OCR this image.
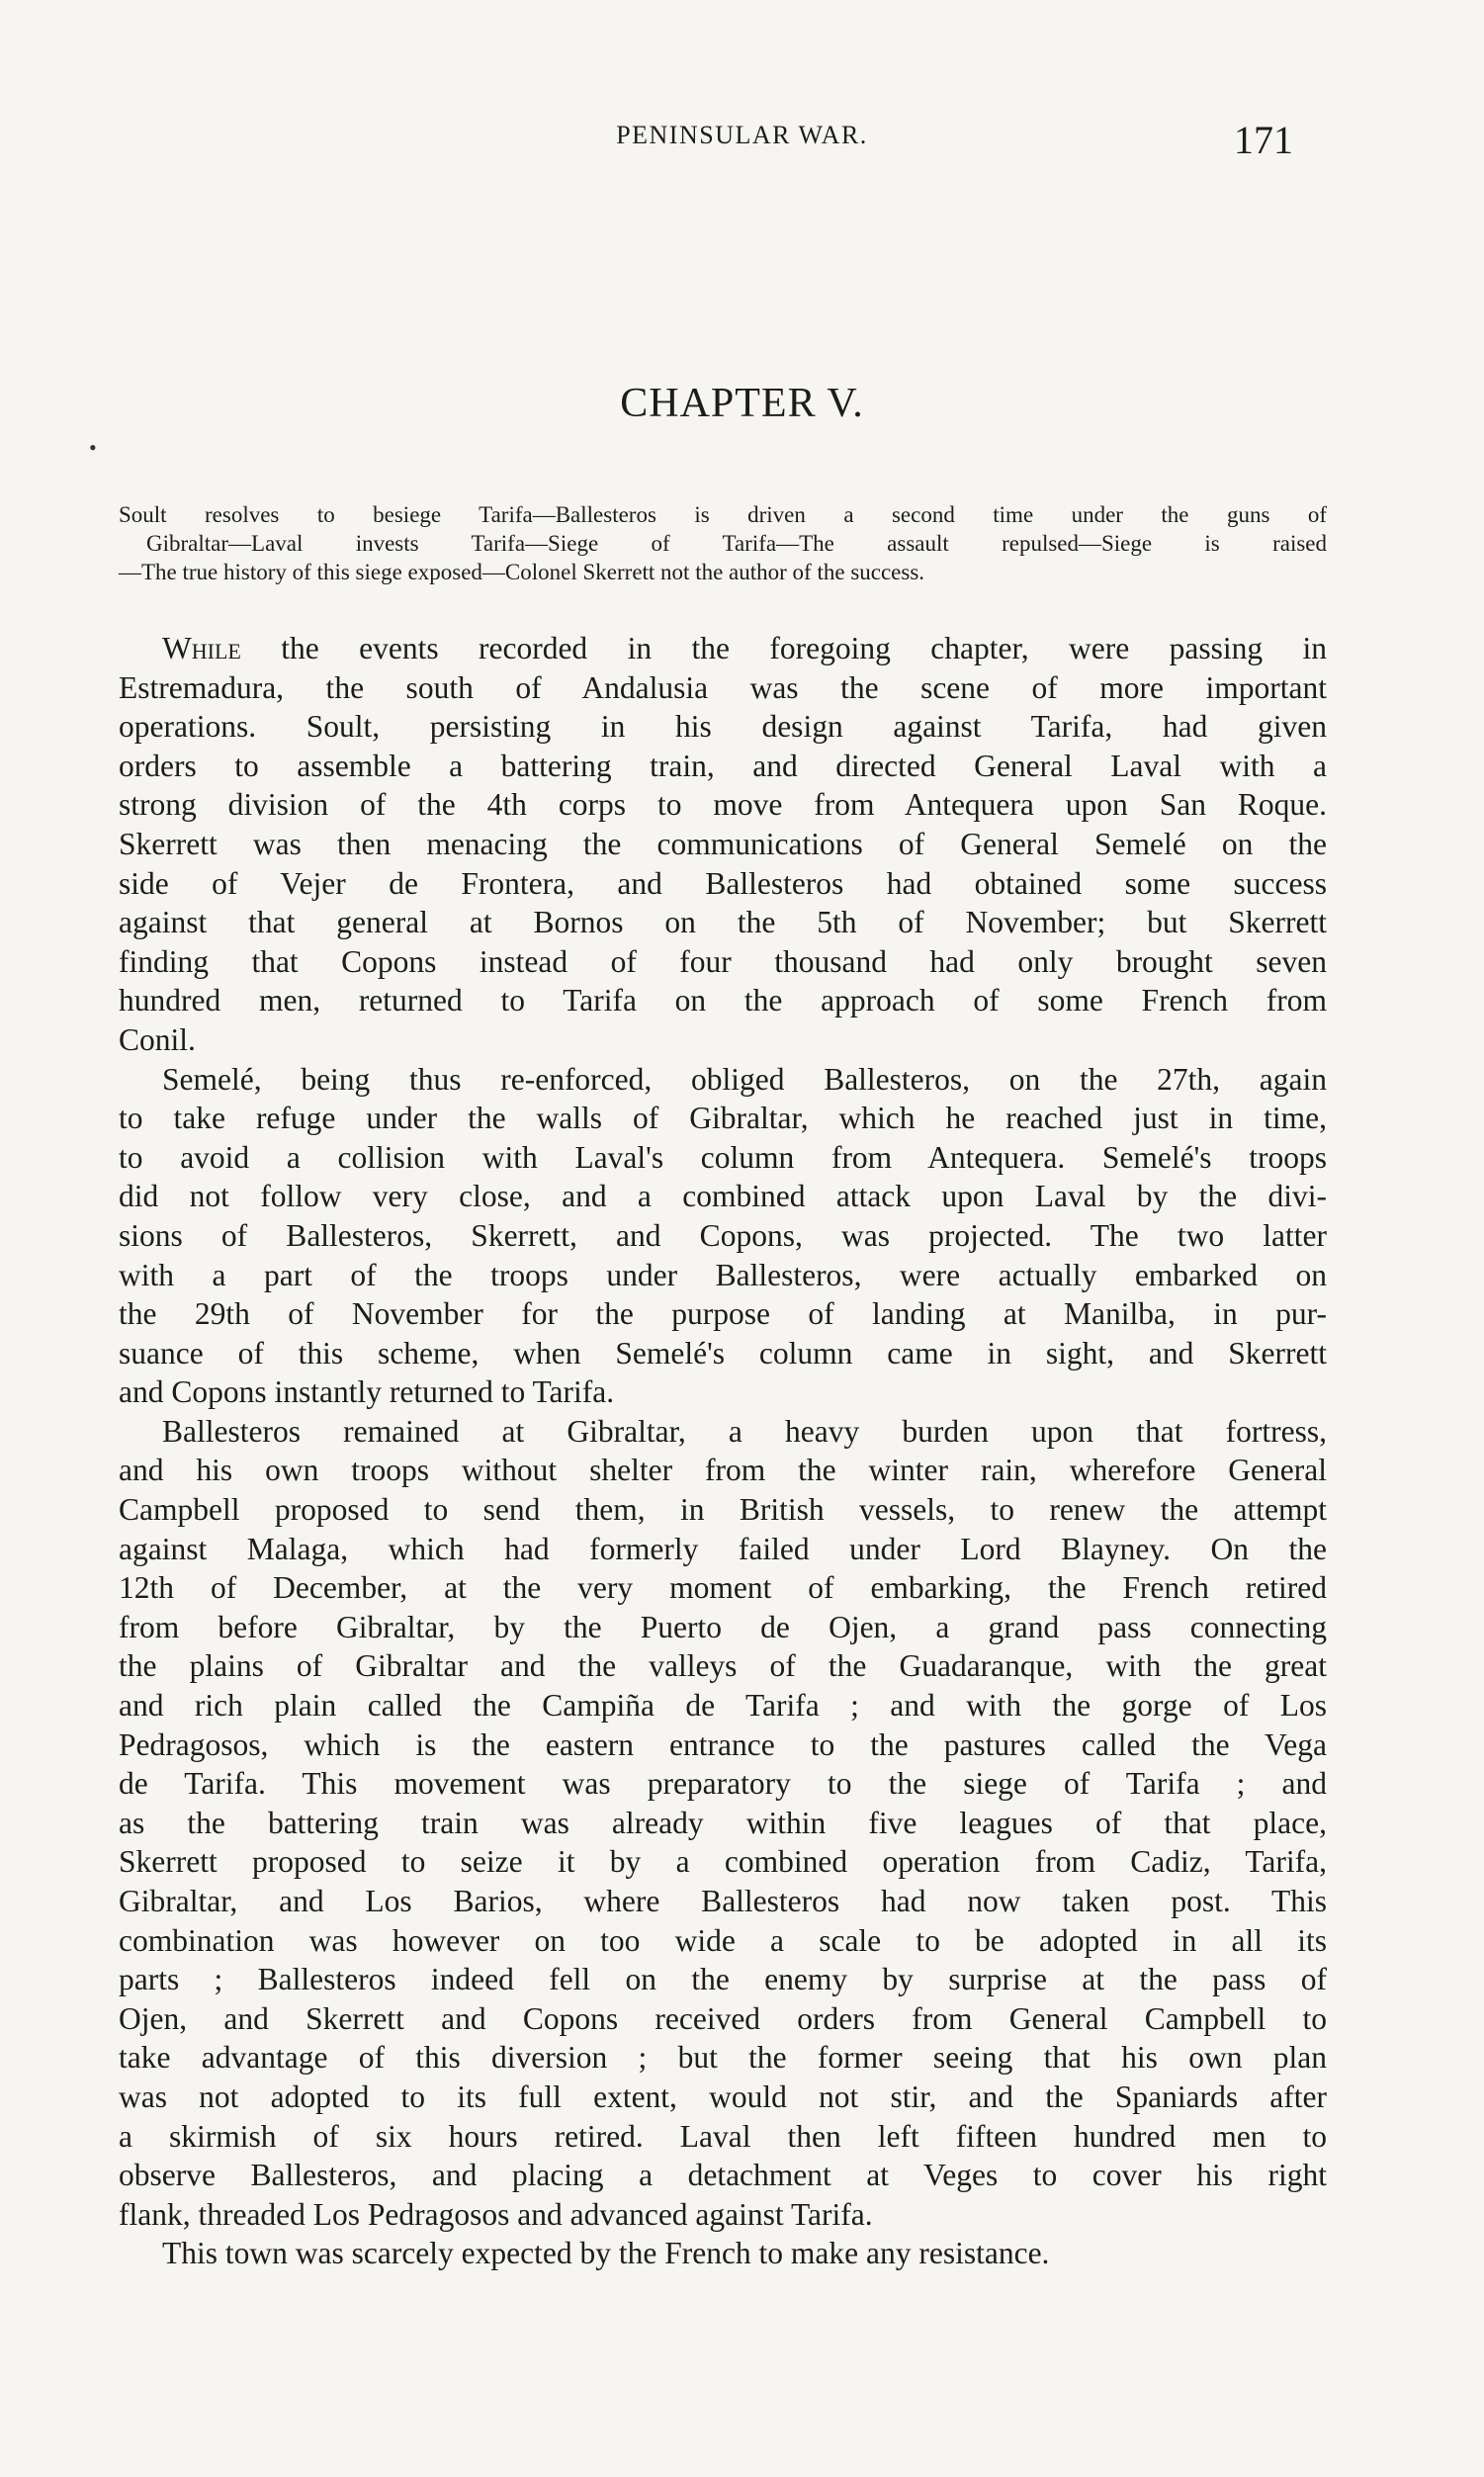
PENINSULAR WAR.	171
CHAPTER V.
•
Soult resolves to besiege Tarifa—Ballesteros is driven a second time under the guns of
Gibraltar—Laval invests Tarifa—Siege of Tarifa—The assault repulsed—Siege is raised
—The true history of this siege exposed—Colonel Skerrett not the author of the success.
While the events recorded in the foregoing chapter, were passing in
Estremadura, the south of Andalusia was the scene of more important
operations. Soult, persisting in his design against Tarifa, had given
orders to assemble a battering train, and directed General Laval with a
strong division of the 4th corps to move from Antequera upon San Roque.
Skerrett was then menacing the communications of General Semelé on the
side of Vejer de Frontera, and Ballesteros had obtained some success
against that general at Bornos on the 5th of November; but Skerrett
finding that Copons instead of four thousand had only brought seven
hundred men, returned to Tarifa on the approach of some French from
Conil.
Semelé, being thus re-enforced, obliged Ballesteros, on the 27th, again
to take refuge under the walls of Gibraltar, which he reached just in time,
to avoid a collision with Laval's column from Antequera. Semelé's troops
did not follow very close, and a combined attack upon Laval by the divi-
sions of Ballesteros, Skerrett, and Copons, was projected. The two latter
with a part of the troops under Ballesteros, were actually embarked on
the 29th of November for the purpose of landing at Manilba, in pur-
suance of this scheme, when Semelé's column came in sight, and Skerrett
and Copons instantly returned to Tarifa.
Ballesteros remained at Gibraltar, a heavy burden upon that fortress,
and his own troops without shelter from the winter rain, wherefore General
Campbell proposed to send them, in British vessels, to renew the attempt
against Malaga, which had formerly failed under Lord Blayney. On the
12th of December, at the very moment of embarking, the French retired
from before Gibraltar, by the Puerto de Ojen, a grand pass connecting
the plains of Gibraltar and the valleys of the Guadaranque, with the great
and rich plain called the Campiña de Tarifa ; and with the gorge of Los
Pedragosos, which is the eastern entrance to the pastures called the Vega
de Tarifa. This movement was preparatory to the siege of Tarifa ; and
as the battering train was already within five leagues of that place,
Skerrett proposed to seize it by a combined operation from Cadiz, Tarifa,
Gibraltar, and Los Barios, where Ballesteros had now taken post. This
combination was however on too wide a scale to be adopted in all its
parts ; Ballesteros indeed fell on the enemy by surprise at the pass of
Ojen, and Skerrett and Copons received orders from General Campbell to
take advantage of this diversion ; but the former seeing that his own plan
was not adopted to its full extent, would not stir, and the Spaniards after
a skirmish of six hours retired. Laval then left fifteen hundred men to
observe Ballesteros, and placing a detachment at Veges to cover his right
flank, threaded Los Pedragosos and advanced against Tarifa.
This town was scarcely expected by the French to make any resistance.
